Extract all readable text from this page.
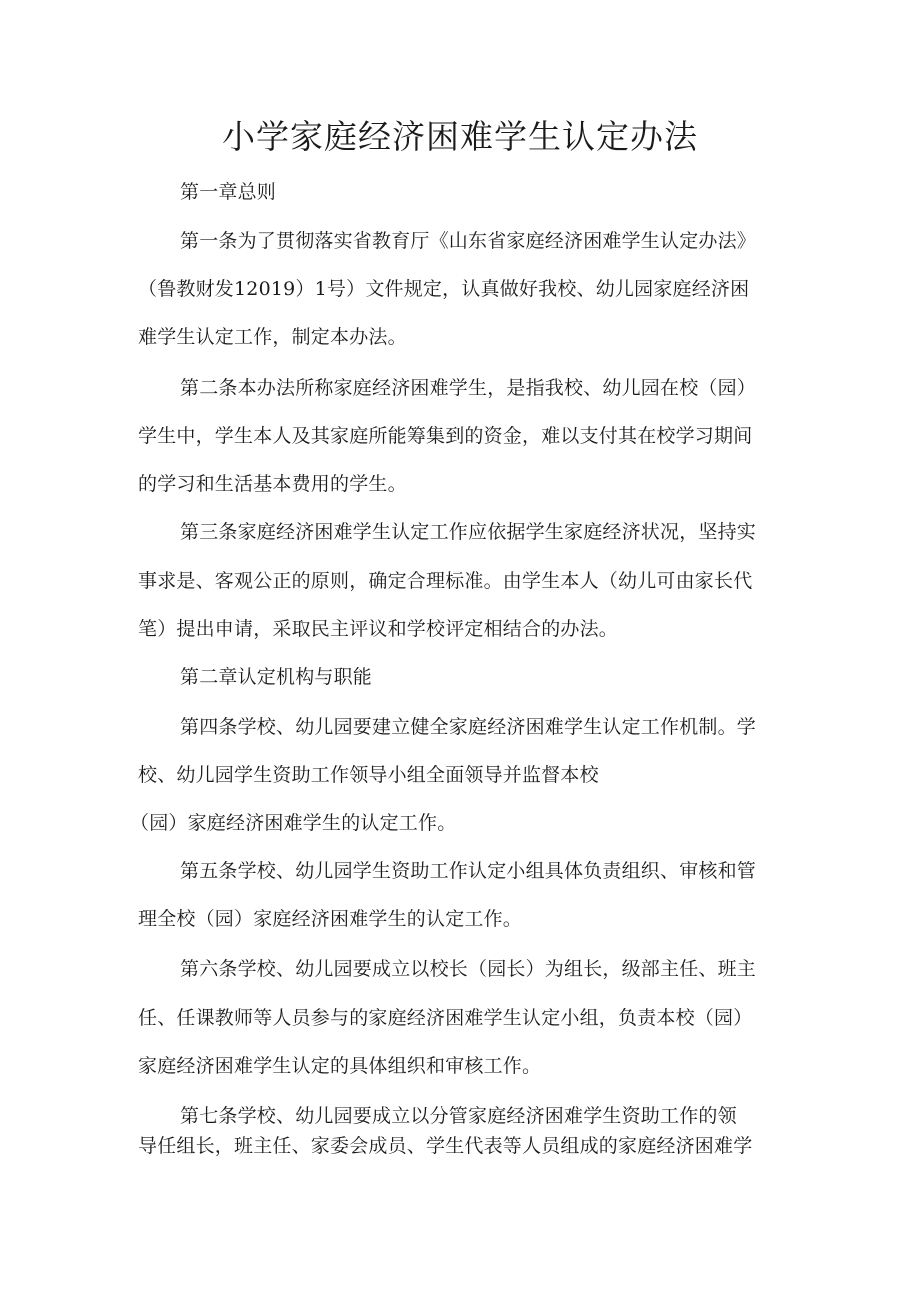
小学家庭经济困难学生认定办法
第一章总则
第一条为了贯彻落实省教育厅《山东省家庭经济困难学生认定办法》
（鲁教财发12019）1号）文件规定，认真做好我校、幼儿园家庭经济困
难学生认定工作，制定本办法。
第二条本办法所称家庭经济困难学生，是指我校、幼儿园在校（园）
学生中，学生本人及其家庭所能筹集到的资金，难以支付其在校学习期间
的学习和生活基本费用的学生。
第三条家庭经济困难学生认定工作应依据学生家庭经济状况，坚持实
事求是、客观公正的原则，确定合理标准。由学生本人（幼儿可由家长代
笔）提出申请，采取民主评议和学校评定相结合的办法。
第二章认定机构与职能
第四条学校、幼儿园要建立健全家庭经济困难学生认定工作机制。学
校、幼儿园学生资助工作领导小组全面领导并监督本校
（园）家庭经济困难学生的认定工作。
第五条学校、幼儿园学生资助工作认定小组具体负责组织、审核和管
理全校（园）家庭经济困难学生的认定工作。
第六条学校、幼儿园要成立以校长（园长）为组长，级部主任、班主
任、任课教师等人员参与的家庭经济困难学生认定小组，负责本校（园）
家庭经济困难学生认定的具体组织和审核工作。
第七条学校、幼儿园要成立以分管家庭经济困难学生资助工作的领
导任组长，班主任、家委会成员、学生代表等人员组成的家庭经济困难学
